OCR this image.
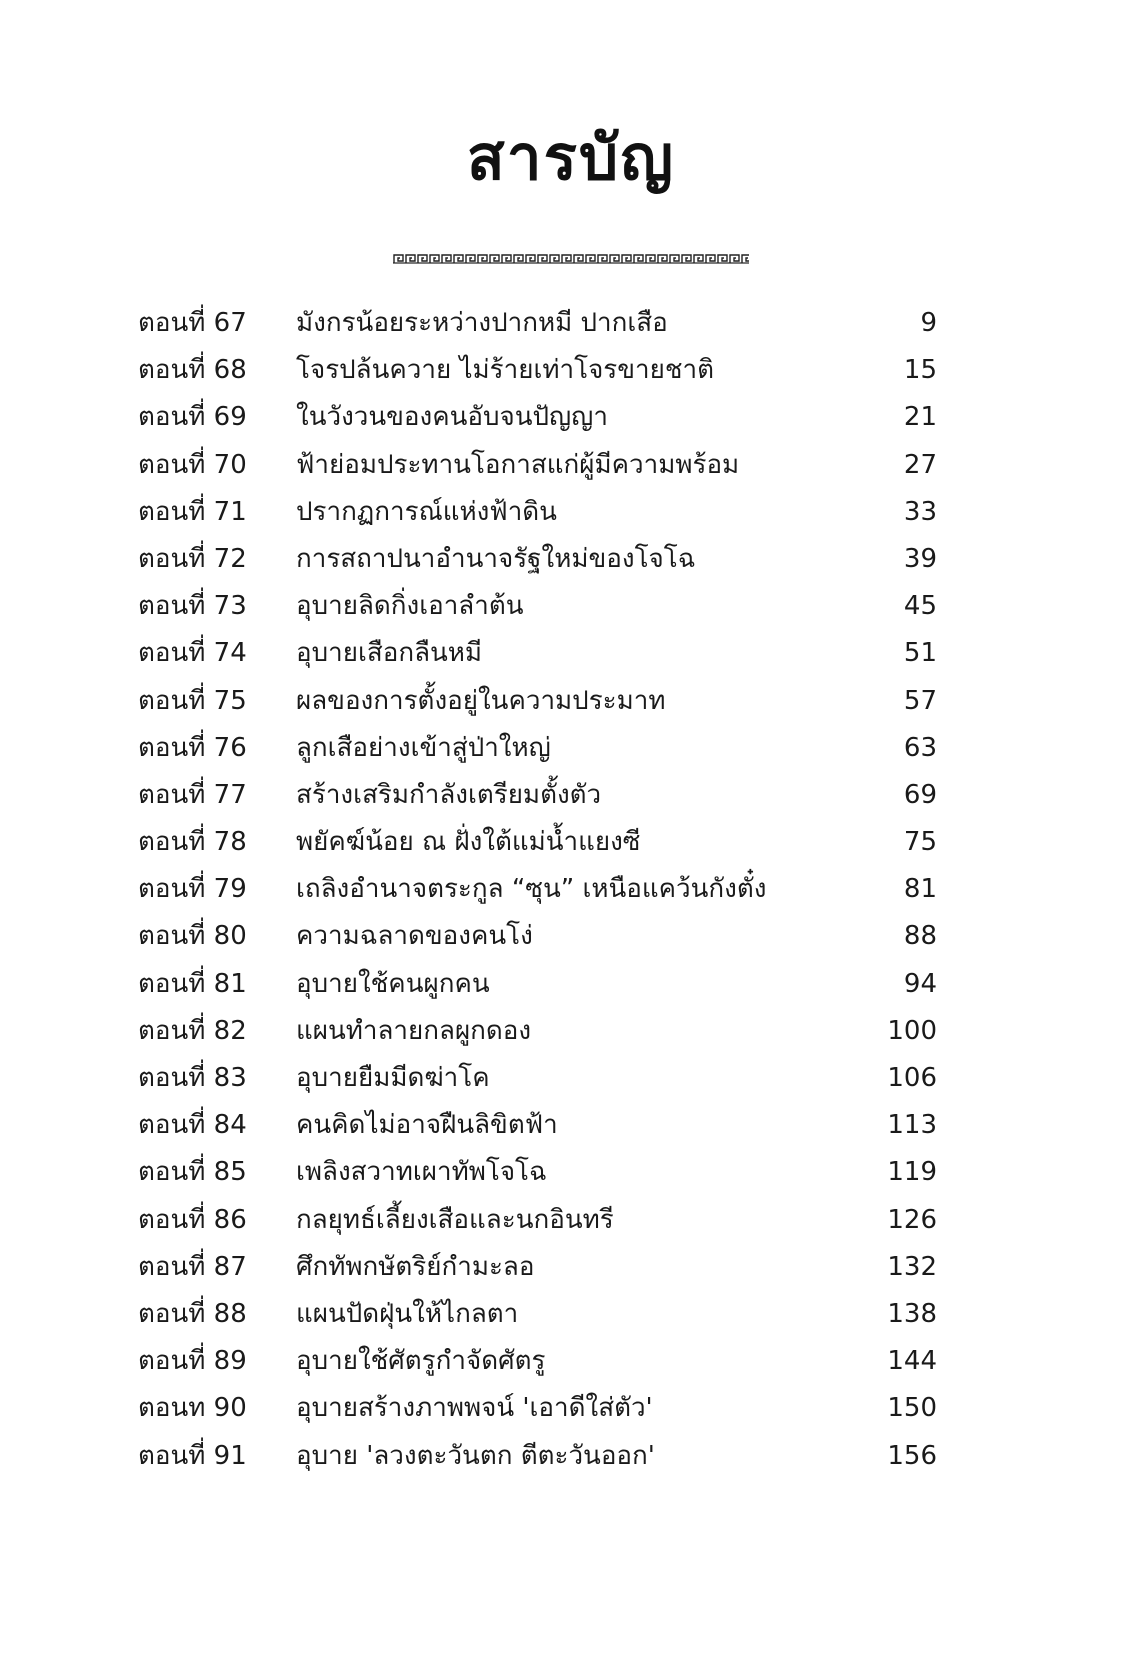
สารบัญ
ตอนที่ 67 มังกรน้อยระหว่างปากหมี ปากเสือ	9
ตอนที่ 68 โจรปล้นควาย ไม่ร้ายเท่าโจรขายชาติ	15
ตอนที่ 69 ในวังวนของคนอับจนปัญญา	21
ตอนที่ 70 ฟ้าย่อมประทานโอกาสแก่ผู้มีความพร้อม	27
ตอนที่ 71 ปรากฏการณ์แห่งฟ้าดิน	33
ตอนที่ 72 การสถาปนาอำนาจรัฐใหม่ของโจโฉ	39
ตอนที่ 73 อุบายลิดกิ่งเอาลำต้น	45
ตอนที่ 74 อุบายเสือกลืนหมี	51
ตอนที่ 75 ผลของการตั้งอยู่ในความประมาท	57
ตอนที่ 76 ลูกเสือย่างเข้าสู่ป่าใหญ่	63
ตอนที่ 77 สร้างเสริมกำลังเตรียมตั้งตัว	69
ตอนที่ 78 พยัคฆ์น้อย ณ ฝั่งใต้แม่น้ำแยงซี	75
ตอนที่ 79 เถลิงอำนาจตระกูล “ซุน” เหนือแคว้นกังตั๋ง	81
ตอนที่ 80 ความฉลาดของคนโง่	88
ตอนที่ 81 อุบายใช้คนผูกคน	94
ตอนที่ 82 แผนทำลายกลผูกดอง	100
ตอนที่ 83 อุบายยืมมีดฆ่าโค	106
ตอนที่ 84 คนคิดไม่อาจฝืนลิขิตฟ้า	113
ตอนที่ 85 เพลิงสวาทเผาทัพโจโฉ	119
ตอนที่ 86 กลยุทธ์เลี้ยงเสือและนกอินทรี	126
ตอนที่ 87 ศึกทัพกษัตริย์กำมะลอ	132
ตอนที่ 88 แผนปัดฝุ่นให้ไกลตา	138
ตอนที่ 89 อุบายใช้ศัตรูกำจัดศัตรู	144
ตอนท 90 อุบายสร้างภาพพจน์ 'เอาดีใส่ตัว'	150
ตอนที่ 91 อุบาย 'ลวงตะวันตก ตีตะวันออก'	156
